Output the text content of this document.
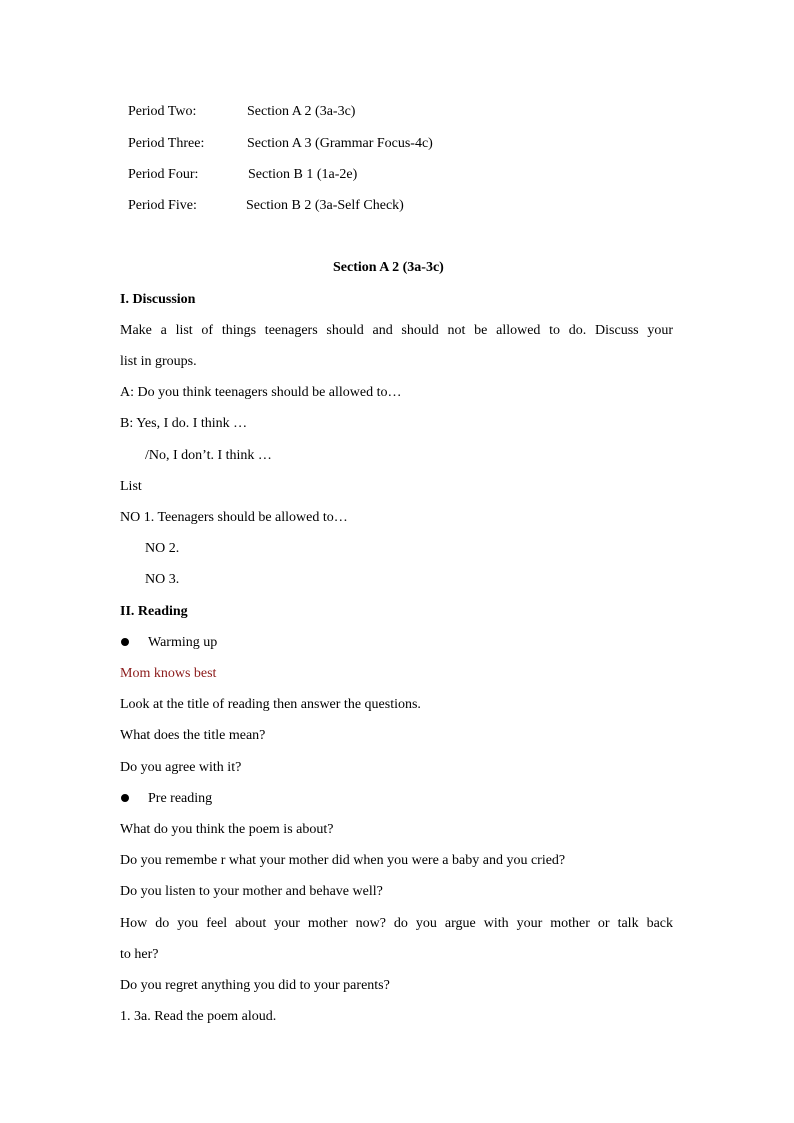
Period Two:	Section A 2 (3a-3c)
Period Three:	Section A 3 (Grammar Focus-4c)
Period Four:	Section B 1 (1a-2e)
Period Five:	Section B 2 (3a-Self Check)
Section A 2 (3a-3c)
I. Discussion
Make a list of things teenagers should and should not be allowed to do. Discuss your
list in groups.
A: Do you think teenagers should be allowed to…
B: Yes, I do. I think …
/No, I don’t. I think …
List
NO 1. Teenagers should be allowed to…
NO 2.
NO 3.
II. Reading
Warming up
Mom knows best
Look at the title of reading then answer the questions.
What does the title mean?
Do you agree with it?
Pre reading
What do you think the poem is about?
Do you remembe r what your mother did when you were a baby and you cried?
Do you listen to your mother and behave well?
How do you feel about your mother now? do you argue with your mother or talk back
to her?
Do you regret anything you did to your parents?
1. 3a. Read the poem aloud.
